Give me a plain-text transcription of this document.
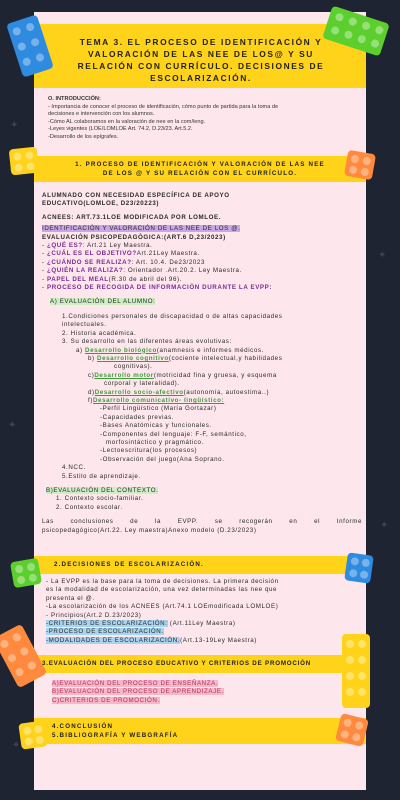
✦
✦
✦
✦
✦
TEMA 3. EL PROCESO DE IDENTIFICACIÓN Y
VALORACIÓN DE LAS NEE DE LOS@ Y SU
RELACIÓN CON CURRÍCULO. DECISIONES DE
ESCOLARIZACIÓN.
O. INTRODUCCIÓN:
- Importancia de conocer el proceso de identificación, cómo punto de partida para la toma de
decisiones e intervención con los alumnos.
-Cómo AL colaboramos en la valoración de nee en la com/leng.
-Leyes vigentes (LOE/LOMLOE Art. 74.2, D.23/23. Art.5.2.
-Desarrollo de los epígrafes.
1. PROCESO DE IDENTIFICACIÓN Y VALORACIÓN DE LAS NEE
DE LOS @ Y SU RELACIÓN CON EL CURRÍCULO.
ALUMNADO CON NECESIDAD ESPECÍFICA DE APOYO
EDUCATIVO(LOMLOE, D23/20223)
ACNEES: ART.73.1LOE MODIFICADA POR LOMLOE.
IDENTIFICACIÓN Y VALORACIÓN DE LAS NEE DE LOS @.
EVALUACIÓN PSICOPEDAGÓGICA:(ART.6 D,23/2023)
- ¿QUÉ ES?: Art.21 Ley Maestra.
- ¿CUÁL ES EL OBJETIVO?Art.21Ley Maestra.
- ¿CUÁNDO SE REALIZA?: Art. 10.4. De23/2023
- ¿QUIÉN LA REALIZA?: Orientador .Art.20.2. Ley Maestra.
- PAPEL DEL MEAL(R.30 de abril del 96).
- PROCESO DE RECOGIDA DE INFORMACIÓN DURANTE LA EVPP:
A) EVALUACIÓN DEL ALUMNO:
1.Condiciones personales de discapacidad o de altas capacidades
intelectuales.
2. Historia académica.
3. Su desarrollo en las diferentes áreas evolutivas:
a) Desarrollo biológico(anamnesis e informes médicos.
b) Desarrollo cognitivo(cociente intelectual,y habilidades
cognitivas).
c)Desarrollo motor(motricidad fina y gruesa, y esquema
corporal y lateralidad).
d)Desarrollo socio-afectivo(autonomía, autoestima..)
f)Desarrollo comunicativo- lingüístico:
-Perfil Lingüístico (María Gortazar)
-Capacidades previas.
-Bases Anatómicas y funcionales.
-Componentes del lenguaje: F-F, semántico,
morfosintáctico y pragmático.
-Lectoescritura(los procesos)
-Observación del juego(Ana Soprano.
4.NCC.
5.Estilo de aprendizaje.
B)EVALUACIÓN DEL CONTEXTO.
1. Contexto socio-familiar.
2. Contexto escolar.
Las conclusiones de la EVPP. se recogerán en el Informe
psicopedagógico(Art.22. Ley maestra)Anexo modelo (D.23/2023)
2.DECISIONES DE ESCOLARIZACIÓN.
- La EVPP es la base para la toma de decisiones. La primera decisión
es la modalidad de escolarización, una vez determinadas las nee que
presenta el @.
-La escolarización de los ACNEES (Art.74.1 LOEmodificada LOMLOE)
- Principios(Art.2 D.23/2023)
-CRITERIOS DE ESCOLARIZACIÓN: (Art.11Ley Maestra)
-PROCESO DE ESCOLARIZACIÓN.
-MODALIDADES DE ESCOLARIZACIÓN.(Art.13-19Ley Maestra)
3.EVALUACIÓN DEL PROCESO EDUCATIVO Y CRITERIOS DE PROMOCIÓN
A)EVALUACIÓN DEL PROCESO DE ENSEÑANZA.
B)EVALUACIÓN DEL PROCESO DE APRENDIZAJE.
C)CRITERIOS DE PROMOCIÓN.
4.CONCLUSIÓN
5.BIBLIOGRAFÍA Y WEBGRAFÍA
